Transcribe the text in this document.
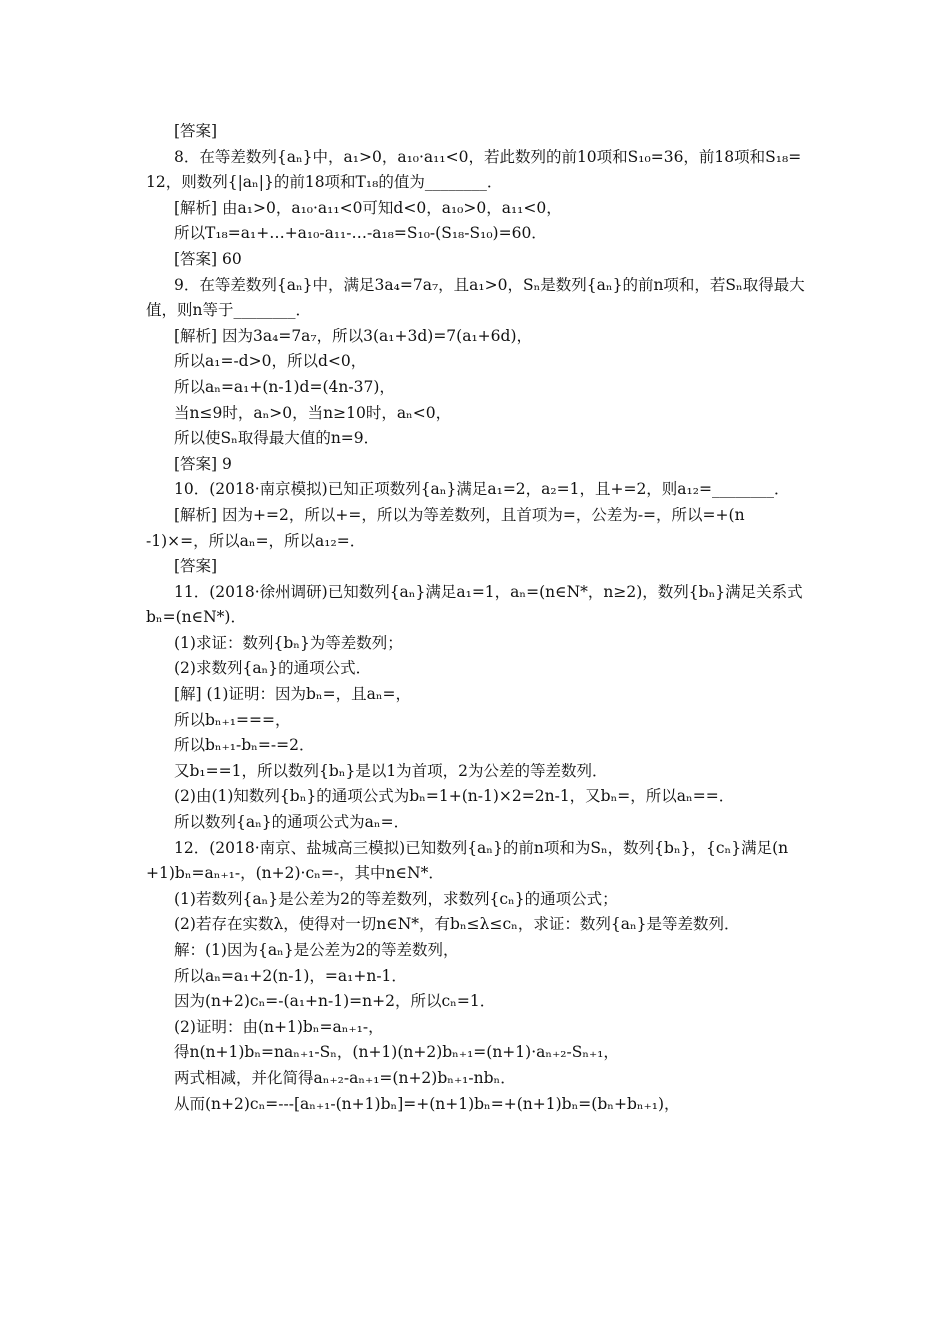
[答案]
8．在等差数列{aₙ}中，a₁>0，a₁₀·a₁₁<0，若此数列的前10项和S₁₀=36，前18项和S₁₈=
12，则数列{|aₙ|}的前18项和T₁₈的值为________．
[解析] 由a₁>0，a₁₀·a₁₁<0可知d<0，a₁₀>0，a₁₁<0，
所以T₁₈=a₁+…+a₁₀-a₁₁-…-a₁₈=S₁₀-(S₁₈-S₁₀)=60．
[答案] 60
9．在等差数列{aₙ}中，满足3a₄=7a₇，且a₁>0，Sₙ是数列{aₙ}的前n项和，若Sₙ取得最大
值，则n等于________．
[解析] 因为3a₄=7a₇，所以3(a₁+3d)=7(a₁+6d)，
所以a₁=-d>0，所以d<0，
所以aₙ=a₁+(n-1)d=(4n-37)，
当n≤9时，aₙ>0，当n≥10时，aₙ<0，
所以使Sₙ取得最大值的n=9．
[答案] 9
10．(2018·南京模拟)已知正项数列{aₙ}满足a₁=2，a₂=1，且+=2，则a₁₂=________．
[解析] 因为+=2，所以+=，所以为等差数列，且首项为=，公差为-=，所以=+(n
-1)×=，所以aₙ=，所以a₁₂=．
[答案]
11．(2018·徐州调研)已知数列{aₙ}满足a₁=1，aₙ=(n∈N*，n≥2)，数列{bₙ}满足关系式
bₙ=(n∈N*)．
(1)求证：数列{bₙ}为等差数列；
(2)求数列{aₙ}的通项公式．
[解] (1)证明：因为bₙ=，且aₙ=，
所以bₙ₊₁===，
所以bₙ₊₁-bₙ=-=2．
又b₁==1，所以数列{bₙ}是以1为首项，2为公差的等差数列．
(2)由(1)知数列{bₙ}的通项公式为bₙ=1+(n-1)×2=2n-1，又bₙ=，所以aₙ==．
所以数列{aₙ}的通项公式为aₙ=．
12．(2018·南京、盐城高三模拟)已知数列{aₙ}的前n项和为Sₙ，数列{bₙ}，{cₙ}满足(n
+1)bₙ=aₙ₊₁-，(n+2)·cₙ=-，其中n∈N*．
(1)若数列{aₙ}是公差为2的等差数列，求数列{cₙ}的通项公式；
(2)若存在实数λ，使得对一切n∈N*，有bₙ≤λ≤cₙ，求证：数列{aₙ}是等差数列．
解：(1)因为{aₙ}是公差为2的等差数列，
所以aₙ=a₁+2(n-1)，=a₁+n-1．
因为(n+2)cₙ=-(a₁+n-1)=n+2，所以cₙ=1．
(2)证明：由(n+1)bₙ=aₙ₊₁-，
得n(n+1)bₙ=naₙ₊₁-Sₙ，(n+1)(n+2)bₙ₊₁=(n+1)·aₙ₊₂-Sₙ₊₁，
两式相减，并化简得aₙ₊₂-aₙ₊₁=(n+2)bₙ₊₁-nbₙ．
从而(n+2)cₙ=---[aₙ₊₁-(n+1)bₙ]=+(n+1)bₙ=+(n+1)bₙ=(bₙ+bₙ₊₁)，
